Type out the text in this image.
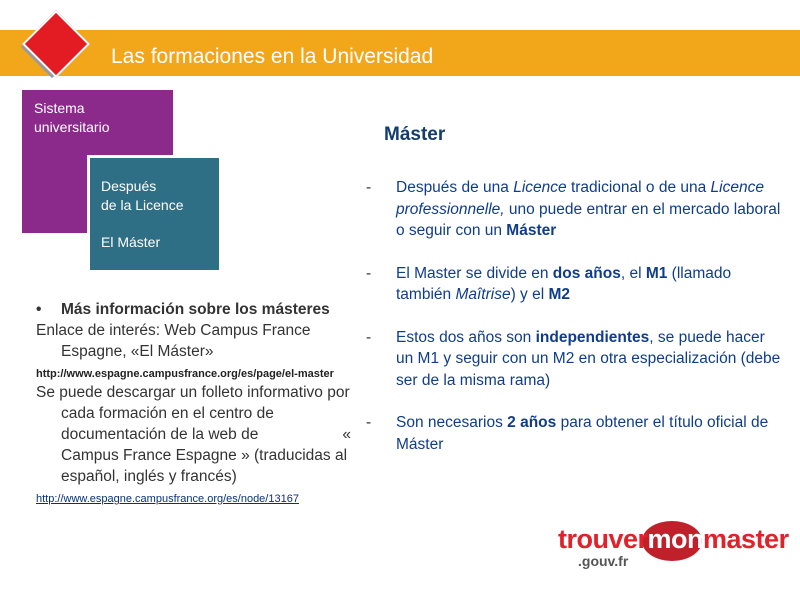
Las formaciones en la Universidad
Sistema
universitario
Después
de la Licence
El Máster
• Más información sobre los másteres
Enlace de interés: Web Campus France Espagne, «El Máster»
http://www.espagne.campusfrance.org/es/page/el-master
Se puede descargar un folleto informativo por cada formación en el centro de documentación de la web de	« Campus France Espagne » (traducidas al español, inglés y francés)
http://www.espagne.campusfrance.org/es/node/13167
Máster
- Después de una Licence tradicional o de una Licence professionnelle, uno puede entrar en el mercado laboral o seguir con un Máster
- El Master se divide en dos años, el M1 (llamado también Maîtrise) y el M2
- Estos dos años son independientes, se puede hacer un M1 y seguir con un M2 en otra especialización (debe ser de la misma rama)
- Son necesarios 2 años para obtener el título oficial de Máster
trouvermonmaster
.gouv.fr
